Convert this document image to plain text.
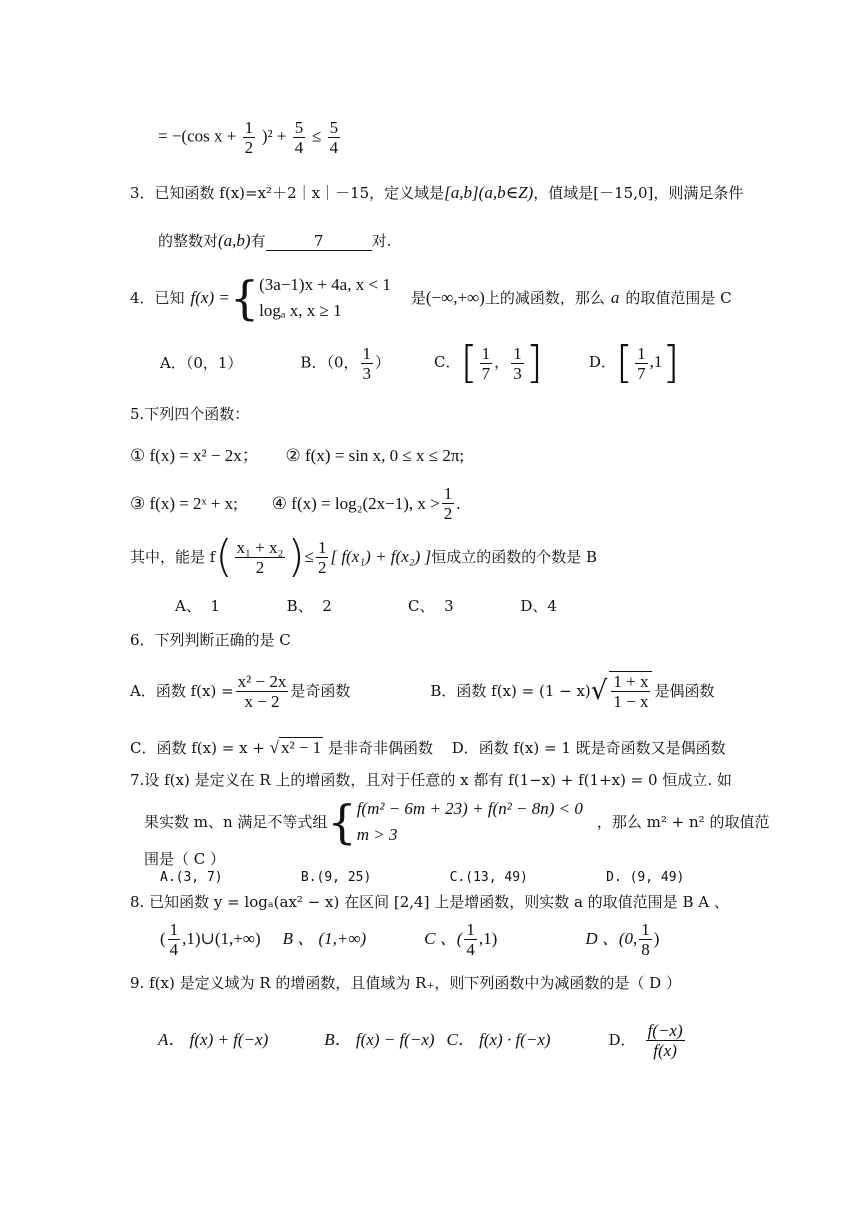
= −(cos $x + \frac{1}{2} )^2 + \frac{5}{4} \le \frac{5}{4}$
3．已知函数 f(x)=x²＋2｜x｜－15，定义域是[a,b](a,b∈Z)，值域是[－15,0]，则满足条件
的整数对(a,b)有	7	对.
4．已知 f(x) = { (3a−1)x + 4a, x < 1
logₐ x, x ≥ 1
是 (−∞,+∞) 上的减函数，那么 a 的取值范围是 C
A．（0，1）	B．（0， $\frac{1}{3}$ ）	C．[ $\frac{1}{7}$ ， $\frac{1}{3}$ ]	D．[ $\frac{1}{7} ,1$]
5.下列四个函数：
① f(x) = x² − 2x； ② f(x) = sin x, 0 ≤ x ≤ 2π;
③ f(x) = 2ˣ + x; ④ f(x) = log₂(2x−1), $x > \frac{1}{2}$ .
其中，能是 f ( $\frac{\text{x₁ + x₂}}{2}$ ) ≤ $\frac{1}{2}$ [ f(x₁) + f(x₂) ] 恒成立的函数的个数是 B
A、  1              B、  2                C、  3              D、4
6．下列判断正确的是 C
A．函数 $f(x) = \frac{\text{x² − 2x}}{x - 2}$ 是奇函数	B．函数 f(x) = (1 − x) √ $\frac{1 + x}{1 - x}$ 是偶函数
C．函数 f(x) = x + √ x² − 1 是非奇非偶函数 D．函数 f(x) = 1 既是奇函数又是偶函数
7.设 f(x) 是定义在 R 上的增函数，且对于任意的 x 都有 f(1−x) + f(1+x) = 0 恒成立. 如
果实数 m、n 满足不等式组 { f(m² − 6m + 23) + f(n² − 8n) < 0
m > 3
，那么 m² + n² 的取值范
围是（ C ）
A.(3, 7)          B.(9, 25)          C.(13, 49)          D. (9, 49)
8. 已知函数 y = logₐ(ax² − x) 在区间 [2,4] 上是增函数，则实数 a 的取值范围是 B A 、
( $\frac{1}{4}$ ,1)∪(1,+∞) B 、 (1,+∞)	C 、( $\frac{1}{4} ,1$)	D 、(0, $\frac{1}{8}$ )
9. f(x) 是定义域为 R 的增函数，且值域为 R₊，则下列函数中为减函数的是（ D ）
A． f(x) + f(−x)	B． f(x) − f(−x) C． f(x) · f(−x)	D． $\frac{f(-x)}{f(x)}$
